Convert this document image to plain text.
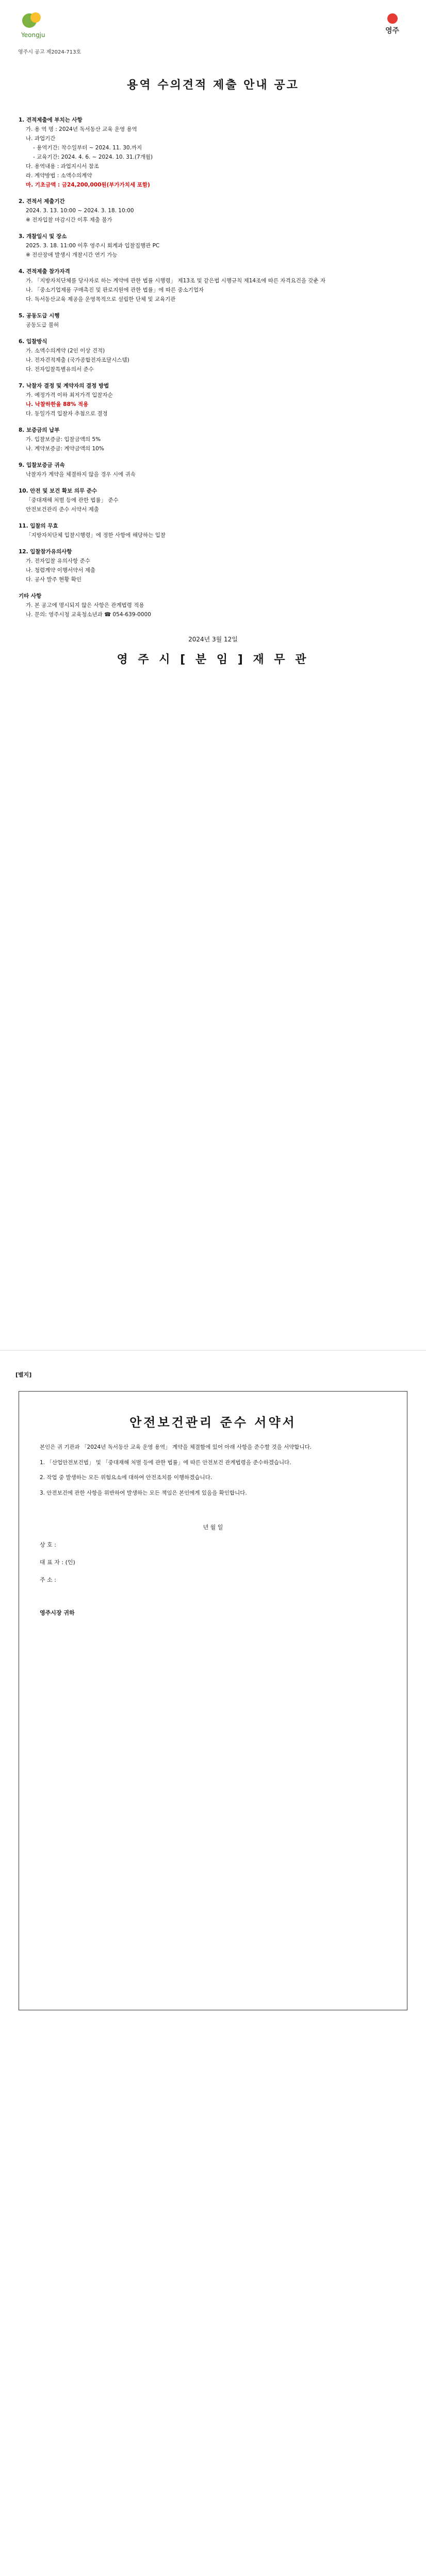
Yeongju	영주
영주시 공고 제2024-713호
용역 수의견적 제출 안내 공고
1. 견적제출에 부치는 사항
가. 용 역 명 : 2024년 독서동산 교육 운영 용역
나. 과업기간
- 용역기간: 착수일부터 ~ 2024. 11. 30.까지
- 교육기간: 2024. 4. 6. ~ 2024. 10. 31.(7개월)
다. 용역내용 : 과업지시서 참조
라. 계약방법 : 소액수의계약
마. 기초금액 : 금24,200,000원(부가가치세 포함)
2. 견적서 제출기간
2024. 3. 13. 10:00 ~ 2024. 3. 18. 10:00
※ 전자입찰 마감시간 이후 제출 불가
3. 개찰일시 및 장소
2025. 3. 18. 11:00 이후 영주시 회계과 입찰집행관 PC
※ 전산장애 발생시 개찰시간 연기 가능
4. 견적제출 참가자격
가. 「지방자치단체를 당사자로 하는 계약에 관한 법률 시행령」 제13조 및 같은법 시행규칙 제14조에 따른 자격요건을 갖춘 자
나. 「중소기업제품 구매촉진 및 판로지원에 관한 법률」에 따른 중소기업자
다. 독서동산교육 제공을 운영목적으로 설립한 단체 및 교육기관
5. 공동도급 시행
공동도급 불허
6. 입찰방식
가. 소액수의계약 (2인 이상 견적)
나. 전자견적제출 (국가종합전자조달시스템)
다. 전자입찰특별유의서 준수
7. 낙찰자 결정 및 계약자의 결정 방법
가. 예정가격 이하 최저가격 입찰자순
나. 낙찰하한율 88% 적용
다. 동일가격 입찰자 추첨으로 결정
8. 보증금의 납부
가. 입찰보증금: 입찰금액의 5%
나. 계약보증금: 계약금액의 10%
9. 입찰보증금 귀속
낙찰자가 계약을 체결하지 않을 경우 시에 귀속
10. 안전 및 보건 확보 의무 준수
「중대재해 처벌 등에 관한 법률」 준수
안전보건관리 준수 서약서 제출
11. 입찰의 무효
「지방자치단체 입찰시행령」에 정한 사항에 해당하는 입찰
12. 입찰참가유의사항
가. 전자입찰 유의사항 준수
나. 청렴계약 이행서약서 제출
다. 공사 발주 현황 확인
기타 사항
가. 본 공고에 명시되지 않은 사항은 관계법령 적용
나. 문의: 영주시청 교육청소년과 ☎ 054-639-0000
2024년 3월 12일
영 주 시 [ 분 임 ] 재 무 관
[별지]
안전보건관리 준수 서약서

본인은 귀 기관과 「2024년 독서동산 교육 운영 용역」 계약을 체결함에 있어 아래 사항을 준수할 것을 서약합니다.

1. 「산업안전보건법」 및 「중대재해 처벌 등에 관한 법률」에 따른 안전보건 관계법령을 준수하겠습니다.

2. 작업 중 발생하는 모든 위험요소에 대하여 안전조치를 이행하겠습니다.

3. 안전보건에 관한 사항을 위반하여 발생하는 모든 책임은 본인에게 있음을 확인합니다.

년 월 일
상 호 :
대 표 자 : (인)
주 소 :
영주시장 귀하
